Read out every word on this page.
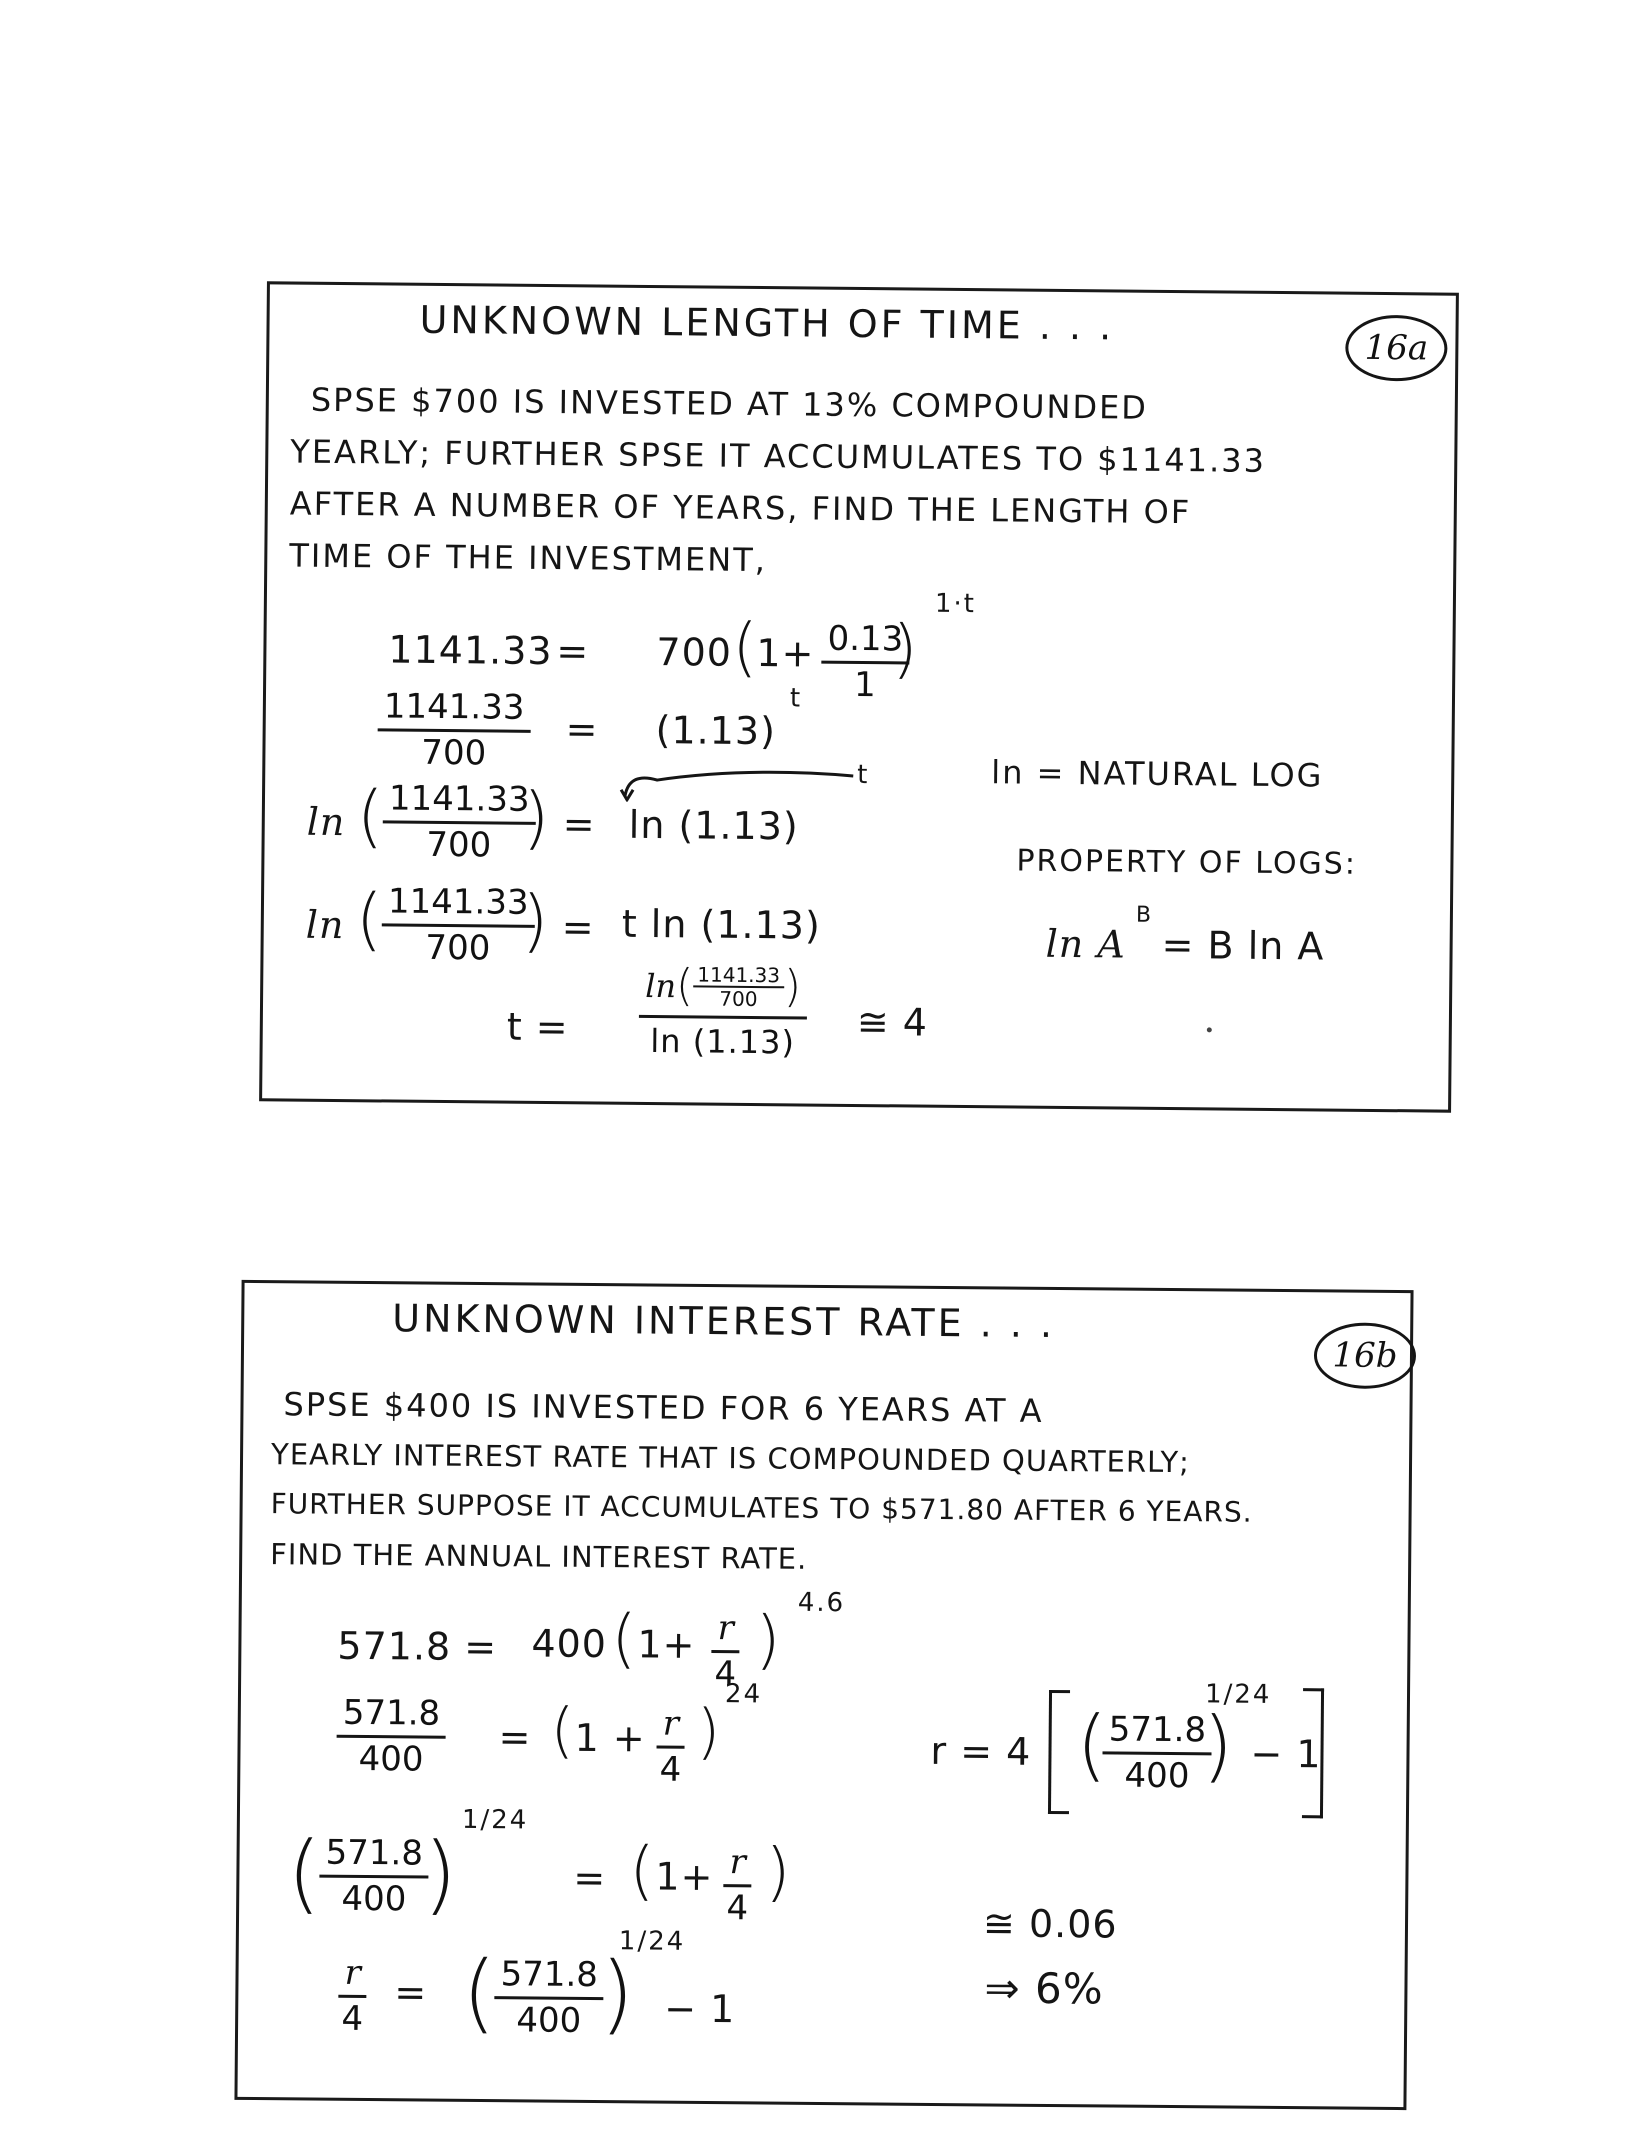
UNKNOWN LENGTH OF TIME . . .	16a
SPSE $700 IS INVESTED AT 13% COMPOUNDED
YEARLY; FURTHER SPSE IT ACCUMULATES TO $1141.33
AFTER A NUMBER OF YEARS, FIND THE LENGTH OF
TIME OF THE INVESTMENT,
1141.33 = 700 (
$1+ \frac{0.13}{1}$
)
1·t
$\frac{1141.33}{700} = (1.13)$
t
ln (
$\frac{1141.33}{700}$
) = ln (1.13)
t
ln (
$\frac{1141.33}{700}$
) = t ln (1.13)
t =
ln ( 1141.33
700 )
ln (1.13) ≅ 4
ln = NATURAL LOG
PROPERTY OF LOGS:
ln A
B
= B ln A
UNKNOWN INTEREST RATE . . .
16b
SPSE $400 IS INVESTED FOR 6 YEARS AT A
YEARLY INTEREST RATE THAT IS COMPOUNDED QUARTERLY;
FURTHER SUPPOSE IT ACCUMULATES TO $571.80 AFTER 6 YEARS.
FIND THE ANNUAL INTEREST RATE.
571.8 = 400 ( $1+ \frac{r}{4}$ )
4.6
$\frac{571.8}{400}$ = ( $1 + \frac{r}{4}$ )
24
(
$\frac{571.8}{400}$
)
1/24
= ( $1+ \frac{r}{4}$ )
$\frac{r}{4}$ = (
$\frac{571.8}{400}$
)
1/24
− 1
r = 4 (
$\frac{571.8}{400}$
)
1/24
− 1
≅ 0.06
⇒ 6%
